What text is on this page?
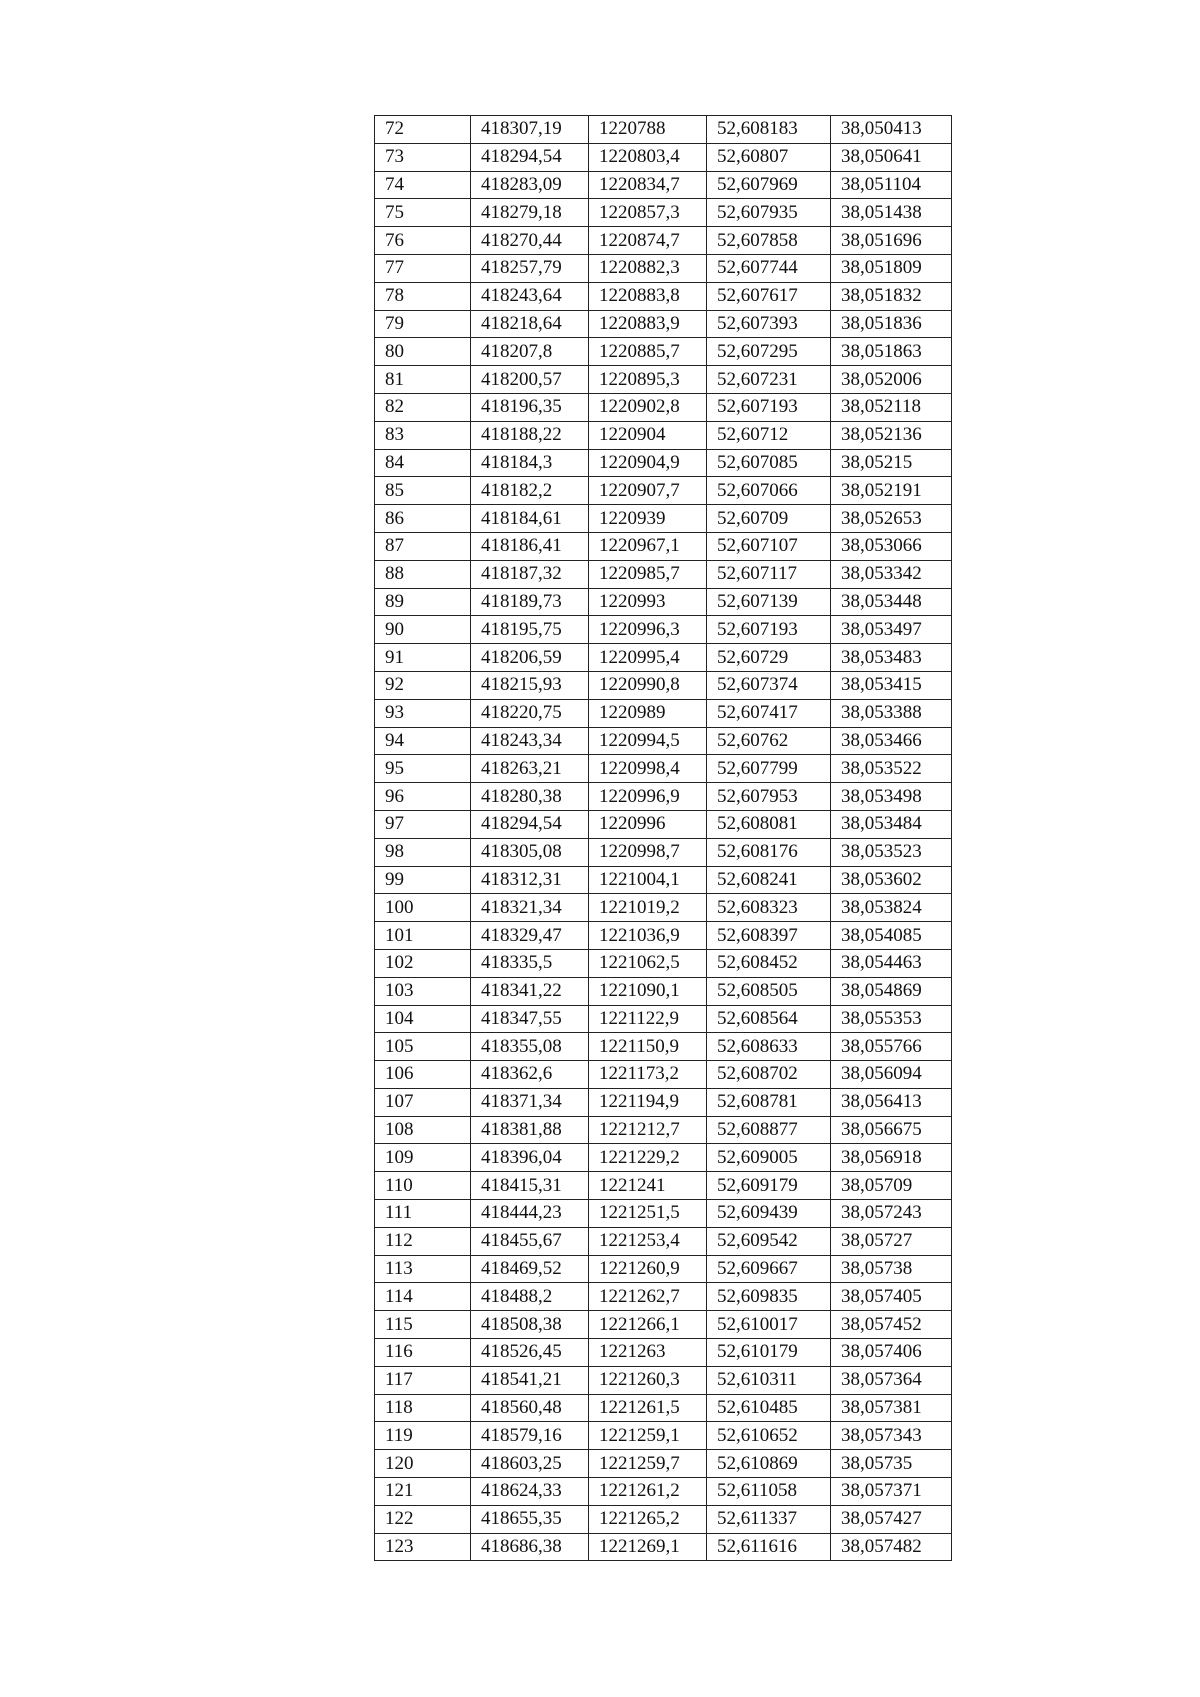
72	418307,19	1220788	52,608183	38,050413
73	418294,54	1220803,4	52,60807	38,050641
74	418283,09	1220834,7	52,607969	38,051104
75	418279,18	1220857,3	52,607935	38,051438
76	418270,44	1220874,7	52,607858	38,051696
77	418257,79	1220882,3	52,607744	38,051809
78	418243,64	1220883,8	52,607617	38,051832
79	418218,64	1220883,9	52,607393	38,051836
80	418207,8	1220885,7	52,607295	38,051863
81	418200,57	1220895,3	52,607231	38,052006
82	418196,35	1220902,8	52,607193	38,052118
83	418188,22	1220904	52,60712	38,052136
84	418184,3	1220904,9	52,607085	38,05215
85	418182,2	1220907,7	52,607066	38,052191
86	418184,61	1220939	52,60709	38,052653
87	418186,41	1220967,1	52,607107	38,053066
88	418187,32	1220985,7	52,607117	38,053342
89	418189,73	1220993	52,607139	38,053448
90	418195,75	1220996,3	52,607193	38,053497
91	418206,59	1220995,4	52,60729	38,053483
92	418215,93	1220990,8	52,607374	38,053415
93	418220,75	1220989	52,607417	38,053388
94	418243,34	1220994,5	52,60762	38,053466
95	418263,21	1220998,4	52,607799	38,053522
96	418280,38	1220996,9	52,607953	38,053498
97	418294,54	1220996	52,608081	38,053484
98	418305,08	1220998,7	52,608176	38,053523
99	418312,31	1221004,1	52,608241	38,053602
100	418321,34	1221019,2	52,608323	38,053824
101	418329,47	1221036,9	52,608397	38,054085
102	418335,5	1221062,5	52,608452	38,054463
103	418341,22	1221090,1	52,608505	38,054869
104	418347,55	1221122,9	52,608564	38,055353
105	418355,08	1221150,9	52,608633	38,055766
106	418362,6	1221173,2	52,608702	38,056094
107	418371,34	1221194,9	52,608781	38,056413
108	418381,88	1221212,7	52,608877	38,056675
109	418396,04	1221229,2	52,609005	38,056918
110	418415,31	1221241	52,609179	38,05709
111	418444,23	1221251,5	52,609439	38,057243
112	418455,67	1221253,4	52,609542	38,05727
113	418469,52	1221260,9	52,609667	38,05738
114	418488,2	1221262,7	52,609835	38,057405
115	418508,38	1221266,1	52,610017	38,057452
116	418526,45	1221263	52,610179	38,057406
117	418541,21	1221260,3	52,610311	38,057364
118	418560,48	1221261,5	52,610485	38,057381
119	418579,16	1221259,1	52,610652	38,057343
120	418603,25	1221259,7	52,610869	38,05735
121	418624,33	1221261,2	52,611058	38,057371
122	418655,35	1221265,2	52,611337	38,057427
123	418686,38	1221269,1	52,611616	38,057482
